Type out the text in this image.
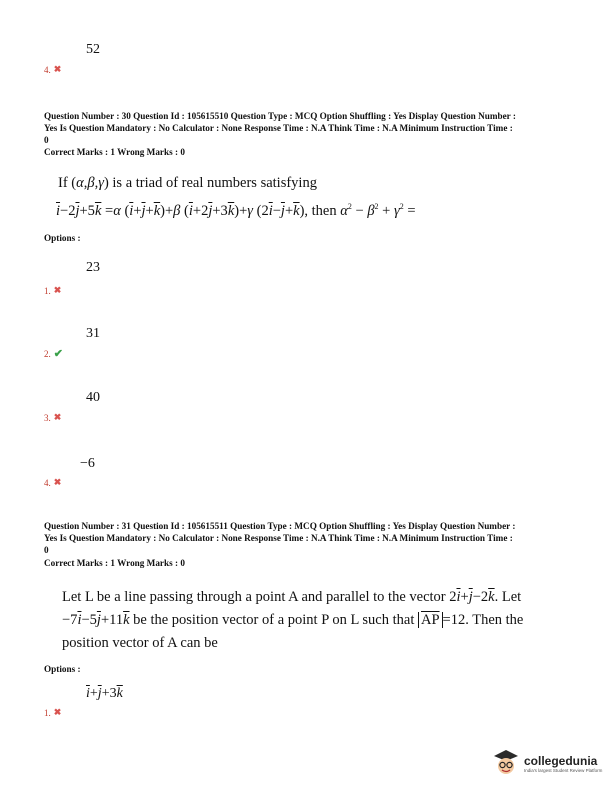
52
4. ✖
Question Number : 30 Question Id : 105615510 Question Type : MCQ Option Shuffling : Yes Display Question Number :
Yes Is Question Mandatory : No Calculator : None Response Time : N.A Think Time : N.A Minimum Instruction Time :
0
Correct Marks : 1 Wrong Marks : 0
If (α,β,γ) is a triad of real numbers satisfying
$\overline{i}-2\overline{j}+5\overline{k} =\alpha$ $(\overline{i}+\overline{j}+\overline{k})+\beta$ $(\overline{i}+2\overline{j}+3\overline{k})+\gamma$ $(2\overline{i}-\overline{j}+\overline{k})$, then $\alpha^2 - \beta^2 + \gamma^2$ =
Options :
23
1. ✖
31
2. ✔
40
3. ✖
−6
4. ✖
Question Number : 31 Question Id : 105615511 Question Type : MCQ Option Shuffling : Yes Display Question Number :
Yes Is Question Mandatory : No Calculator : None Response Time : N.A Think Time : N.A Minimum Instruction Time :
0
Correct Marks : 1 Wrong Marks : 0
Let L be a line passing through a point A and parallel to the vector $2\overline{i}+\overline{j}-2\overline{k}$. Let
$-7\overline{i}-5\overline{j}+11\overline{k}$ be the position vector of a point P on L such that $\overline{AP} =12$. Then the
position vector of A can be
Options :
$\overline{i}+\overline{j}+3\overline{k}$
1. ✖
collegedunia
India's largest Student Review Platform
